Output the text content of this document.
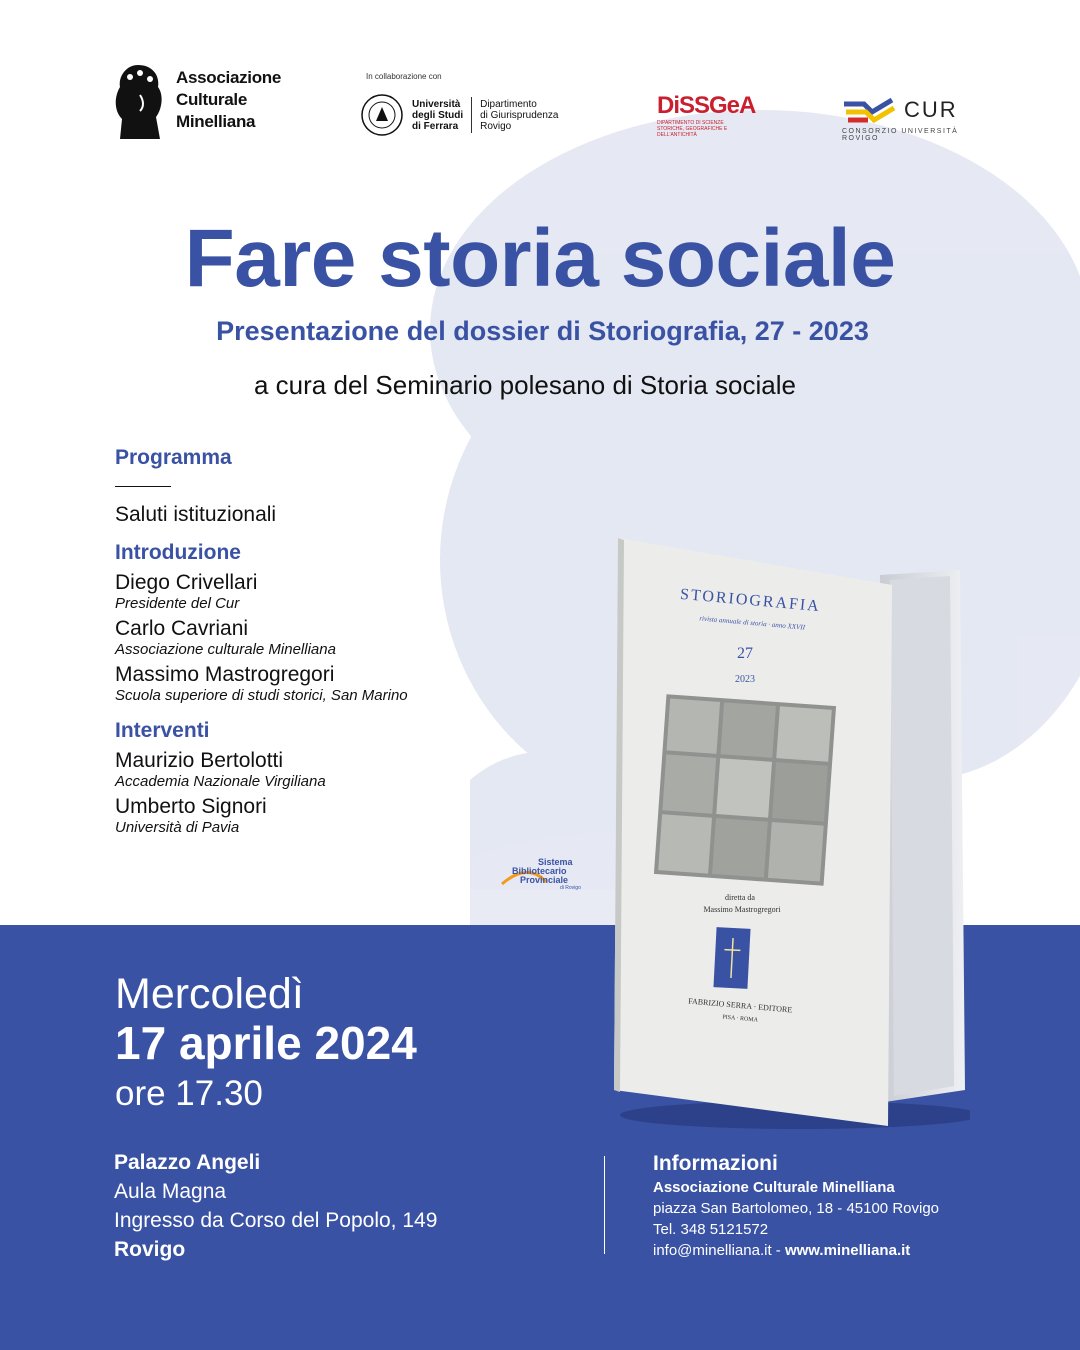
Associazione
Culturale
Minelliana
In collaborazione con
Università
degli Studi
di Ferrara
Dipartimento
di Giurisprudenza
Rovigo
DiSSGeA
DIPARTIMENTO DI SCIENZE STORICHE, GEOGRAFICHE E DELL'ANTICHITÀ
CUR
CONSORZIO UNIVERSITÀ ROVIGO
Fare storia sociale
Presentazione del dossier di Storiografia, 27 - 2023
a cura del Seminario polesano di Storia sociale
Programma
Saluti istituzionali
Introduzione
Diego Crivellari
Presidente del Cur
Carlo Cavriani
Associazione culturale Minelliana
Massimo Mastrogregori
Scuola superiore di studi storici, San Marino
Interventi
Maurizio Bertolotti
Accademia Nazionale Virgiliana
Umberto Signori
Università di Pavia
STORIOGRAFIA
rivista annuale di storia · anno XXVII
27
2023
diretta da
Massimo Mastrogregori
FABRIZIO SERRA · EDITORE
PISA · ROMA
Sistema
Bibliotecario
Provinciale
di Rovigo
Mercoledì
17 aprile 2024
ore 17.30
Palazzo Angeli
Aula Magna
Ingresso da Corso del Popolo, 149
Rovigo
Informazioni
Associazione Culturale Minelliana
piazza San Bartolomeo, 18 - 45100 Rovigo
Tel. 348 5121572
info@minelliana.it - www.minelliana.it
